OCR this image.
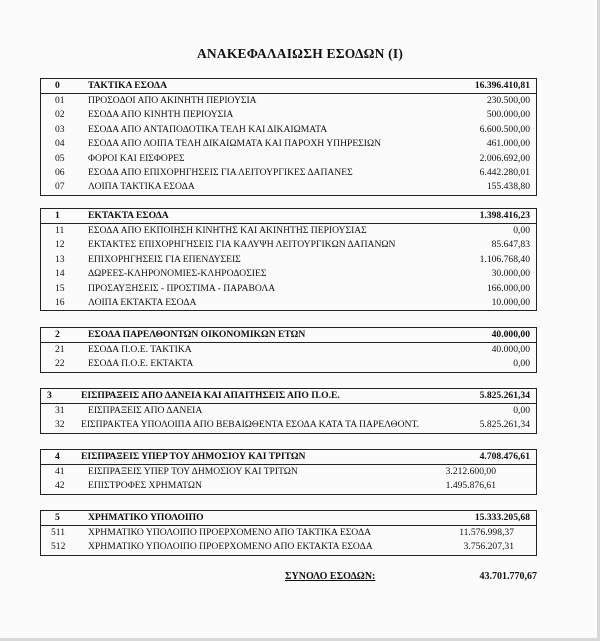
ΑΝΑΚΕΦΑΛΑΙΩΣΗ ΕΣΟΔΩΝ (Ι)
0	ΤΑΚΤΙΚΑ ΕΣΟΔΑ	16.396.410,81
01	ΠΡΟΣΟΔΟΙ ΑΠΟ ΑΚΙΝΗΤΗ ΠΕΡΙΟΥΣΙΑ	230.500,00
02	ΕΣΟΔΑ ΑΠΟ ΚΙΝΗΤΗ ΠΕΡΙΟΥΣΙΑ	500.000,00
03	ΕΣΟΔΑ ΑΠΟ ΑΝΤΑΠΟΔΟΤΙΚΑ ΤΕΛΗ ΚΑΙ ΔΙΚΑΙΩΜΑΤΑ	6.600.500,00
04	ΕΣΟΔΑ ΑΠΟ ΛΟΙΠΑ ΤΕΛΗ ΔΙΚΑΙΩΜΑΤΑ ΚΑΙ ΠΑΡΟΧΗ ΥΠΗΡΕΣΙΩΝ	461.000,00
05	ΦΟΡΟΙ ΚΑΙ ΕΙΣΦΟΡΕΣ	2.006.692,00
06	ΕΣΟΔΑ ΑΠΟ ΕΠΙΧΟΡΗΓΗΣΕΙΣ ΓΙΑ ΛΕΙΤΟΥΡΓΙΚΕΣ ΔΑΠΑΝΕΣ	6.442.280,01
07	ΛΟΙΠΑ ΤΑΚΤΙΚΑ ΕΣΟΔΑ	155.438,80
1	ΕΚΤΑΚΤΑ ΕΣΟΔΑ	1.398.416,23
11	ΕΣΟΔΑ ΑΠΟ ΕΚΠΟΙΗΣΗ ΚΙΝΗΤΗΣ ΚΑΙ ΑΚΙΝΗΤΗΣ ΠΕΡΙΟΥΣΙΑΣ	0,00
12	ΕΚΤΑΚΤΕΣ ΕΠΙΧΟΡΗΓΗΣΕΙΣ ΓΙΑ ΚΑΛΥΨΗ ΛΕΙΤΟΥΡΓΙΚΩΝ ΔΑΠΑΝΩΝ	85.647,83
13	ΕΠΙΧΟΡΗΓΗΣΕΙΣ ΓΙΑ ΕΠΕΝΔΥΣΕΙΣ	1.106.768,40
14	ΔΩΡΕΕΣ-ΚΛΗΡΟΝΟΜΙΕΣ-ΚΛΗΡΟΔΟΣΙΕΣ	30.000,00
15	ΠΡΟΣΑΥΞΗΣΕΙΣ - ΠΡΟΣΤΙΜΑ - ΠΑΡΑΒΟΛΑ	166.000,00
16	ΛΟΙΠΑ ΕΚΤΑΚΤΑ ΕΣΟΔΑ	10.000,00
2	ΕΣΟΔΑ ΠΑΡΕΛΘΟΝΤΩΝ ΟΙΚΟΝΟΜΙΚΩΝ ΕΤΩΝ	40.000,00
21	ΕΣΟΔΑ Π.Ο.Ε. ΤΑΚΤΙΚΑ	40.000,00
22	ΕΣΟΔΑ Π.Ο.Ε. ΕΚΤΑΚΤΑ	0,00
3	ΕΙΣΠΡΑΞΕΙΣ ΑΠΟ ΔΑΝΕΙΑ ΚΑΙ ΑΠΑΙΤΗΣΕΙΣ ΑΠΟ Π.Ο.Ε.	5.825.261,34
31	ΕΙΣΠΡΑΞΕΙΣ ΑΠΟ ΔΑΝΕΙΑ	0,00
32	ΕΙΣΠΡΑΚΤΕΑ ΥΠΟΛΟΙΠΑ ΑΠΟ ΒΕΒΑΙΩΘΕΝΤΑ ΕΣΟΔΑ ΚΑΤΑ ΤΑ ΠΑΡΕΛΘΟΝΤ.	5.825.261,34
4	ΕΙΣΠΡΑΞΕΙΣ ΥΠΕΡ ΤΟΥ ΔΗΜΟΣΙΟΥ ΚΑΙ ΤΡΙΤΩΝ	4.708.476,61
41	ΕΙΣΠΡΑΞΕΙΣ ΥΠΕΡ ΤΟΥ ΔΗΜΟΣΙΟΥ ΚΑΙ ΤΡΙΤΩΝ	3.212.600,00
42	ΕΠΙΣΤΡΟΦΕΣ ΧΡΗΜΑΤΩΝ	1.495.876,61
5	ΧΡΗΜΑΤΙΚΟ ΥΠΟΛΟΙΠΟ	15.333.205,68
511	ΧΡΗΜΑΤΙΚΟ ΥΠΟΛΟΙΠΟ ΠΡΟΕΡΧΟΜΕΝΟ ΑΠΟ ΤΑΚΤΙΚΑ ΕΣΟΔΑ	11.576.998,37
512	ΧΡΗΜΑΤΙΚΟ ΥΠΟΛΟΙΠΟ ΠΡΟΕΡΧΟΜΕΝΟ ΑΠΟ ΕΚΤΑΚΤΑ ΕΣΟΔΑ	3.756.207,31
ΣΥΝΟΛΟ ΕΣΟΔΩΝ:	43.701.770,67
